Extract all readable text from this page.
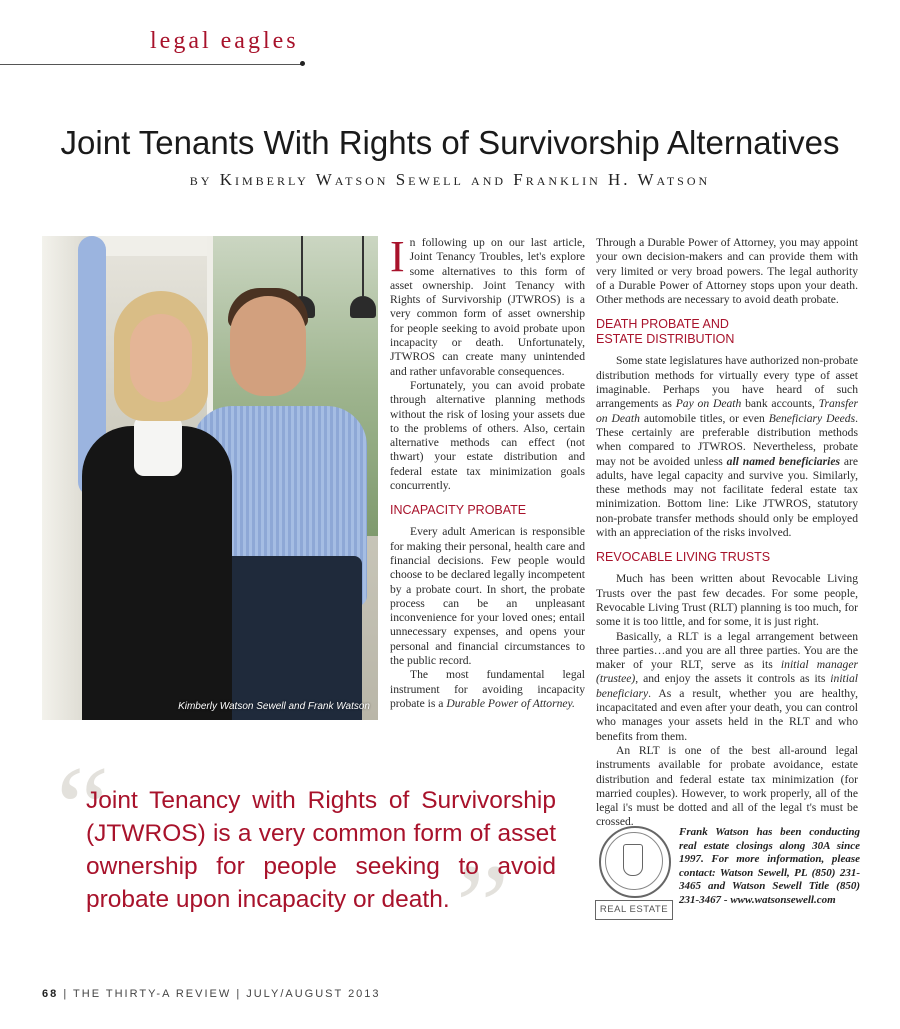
legal eagles
Joint Tenants With Rights of Survivorship Alternatives
by Kimberly Watson Sewell and Franklin H. Watson
Kimberly Watson Sewell and Frank Watson

In following up on our last article, Joint Tenancy Troubles, let's explore some alternatives to this form of asset ownership. Joint Tenancy with Rights of Survivorship (JTWROS) is a very common form of asset ownership for people seeking to avoid probate upon incapacity or death. Unfortunately, JTWROS can create many unintended and rather unfavorable consequences.

Fortunately, you can avoid probate through alternative planning methods without the risk of losing your assets due to the problems of others. Also, certain alternative methods can effect (not thwart) your estate distribution and federal estate tax minimization goals concurrently.

INCAPACITY PROBATE

Every adult American is responsible for making their personal, health care and financial decisions. Few people would choose to be declared legally incompetent by a probate court. In short, the probate process can be an unpleasant inconvenience for your loved ones; entail unnecessary expenses, and opens your personal and financial circumstances to the public record.

The most fundamental legal instrument for avoiding incapacity probate is a Durable Power of Attorney.

Through a Durable Power of Attorney, you may appoint your own decision-makers and can provide them with very limited or very broad powers. The legal authority of a Durable Power of Attorney stops upon your death. Other methods are necessary to avoid death probate.

DEATH PROBATE AND
ESTATE DISTRIBUTION

Some state legislatures have authorized non-probate distribution methods for virtually every type of asset imaginable. Perhaps you have heard of such arrangements as Pay on Death bank accounts, Transfer on Death automobile titles, or even Beneficiary Deeds. These certainly are preferable distribution methods when compared to JTWROS. Nevertheless, probate may not be avoided unless all named beneficiaries are adults, have legal capacity and survive you. Similarly, these methods may not facilitate federal estate tax minimization. Bottom line: Like JTWROS, statutory non-probate transfer methods should only be employed with an appreciation of the risks involved.

REVOCABLE LIVING TRUSTS

Much has been written about Revocable Living Trusts over the past few decades. For some people, Revocable Living Trust (RLT) planning is too much, for some it is too little, and for some, it is just right.

Basically, a RLT is a legal arrangement between three parties…and you are all three parties. You are the maker of your RLT, serve as its initial manager (trustee), and enjoy the assets it controls as its initial beneficiary. As a result, whether you are healthy, incapacitated and even after your death, you can control who manages your assets held in the RLT and who benefits from them.

An RLT is one of the best all-around legal instruments available for probate avoidance, estate distribution and federal estate tax minimization (for married couples). However, to work properly, all of the legal i's must be dotted and all of the legal t's must be crossed.

“
”
Joint Tenancy with Rights of Survivorship (JTWROS) is a very common form of asset ownership for people seeking to avoid probate upon incapacity or death.	REAL ESTATE
Frank Watson has been conducting real estate closings along 30A since 1997. For more information, please contact: Watson Sewell, PL (850) 231-3465 and Watson Sewell Title (850) 231-3467 - www.watsonsewell.com
68 | THE THIRTY-A REVIEW | JULY/AUGUST 2013
